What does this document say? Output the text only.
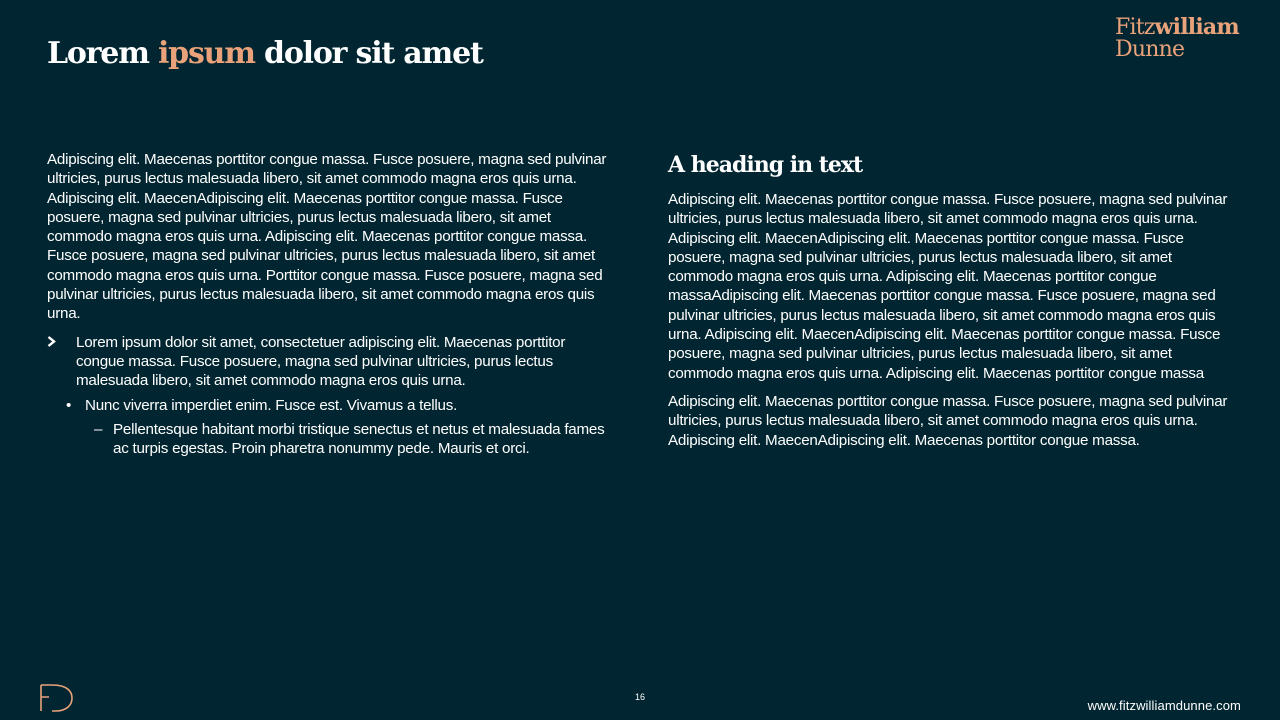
Lorem ipsum dolor sit amet
Fitzwilliam
Dunne

Adipiscing elit. Maecenas porttitor congue massa. Fusce posuere, magna sed pulvinar ultricies, purus lectus malesuada libero, sit amet commodo magna eros quis urna. Adipiscing elit. MaecenAdipiscing elit. Maecenas porttitor congue massa. Fusce posuere, magna sed pulvinar ultricies, purus lectus malesuada libero, sit amet commodo magna eros quis urna. Adipiscing elit. Maecenas porttitor congue massa. Fusce posuere, magna sed pulvinar ultricies, purus lectus malesuada libero, sit amet commodo magna eros quis urna. Porttitor congue massa. Fusce posuere, magna sed pulvinar ultricies, purus lectus malesuada libero, sit amet commodo magna eros quis urna.

Lorem ipsum dolor sit amet, consectetuer adipiscing elit. Maecenas porttitor congue massa. Fusce posuere, magna sed pulvinar ultricies, purus lectus malesuada libero, sit amet commodo magna eros quis urna.
• Nunc viverra imperdiet enim. Fusce est. Vivamus a tellus.
– Pellentesque habitant morbi tristique senectus et netus et malesuada fames ac turpis egestas. Proin pharetra nonummy pede. Mauris et orci.
A heading in text

Adipiscing elit. Maecenas porttitor congue massa. Fusce posuere, magna sed pulvinar ultricies, purus lectus malesuada libero, sit amet commodo magna eros quis urna. Adipiscing elit. MaecenAdipiscing elit. Maecenas porttitor congue massa. Fusce posuere, magna sed pulvinar ultricies, purus lectus malesuada libero, sit amet commodo magna eros quis urna. Adipiscing elit. Maecenas porttitor congue massaAdipiscing elit. Maecenas porttitor congue massa. Fusce posuere, magna sed pulvinar ultricies, purus lectus malesuada libero, sit amet commodo magna eros quis urna. Adipiscing elit. MaecenAdipiscing elit. Maecenas porttitor congue massa. Fusce posuere, magna sed pulvinar ultricies, purus lectus malesuada libero, sit amet commodo magna eros quis urna. Adipiscing elit. Maecenas porttitor congue massa

Adipiscing elit. Maecenas porttitor congue massa. Fusce posuere, magna sed pulvinar ultricies, purus lectus malesuada libero, sit amet commodo magna eros quis urna. Adipiscing elit. MaecenAdipiscing elit. Maecenas porttitor congue massa.

16
www.fitzwilliamdunne.com
